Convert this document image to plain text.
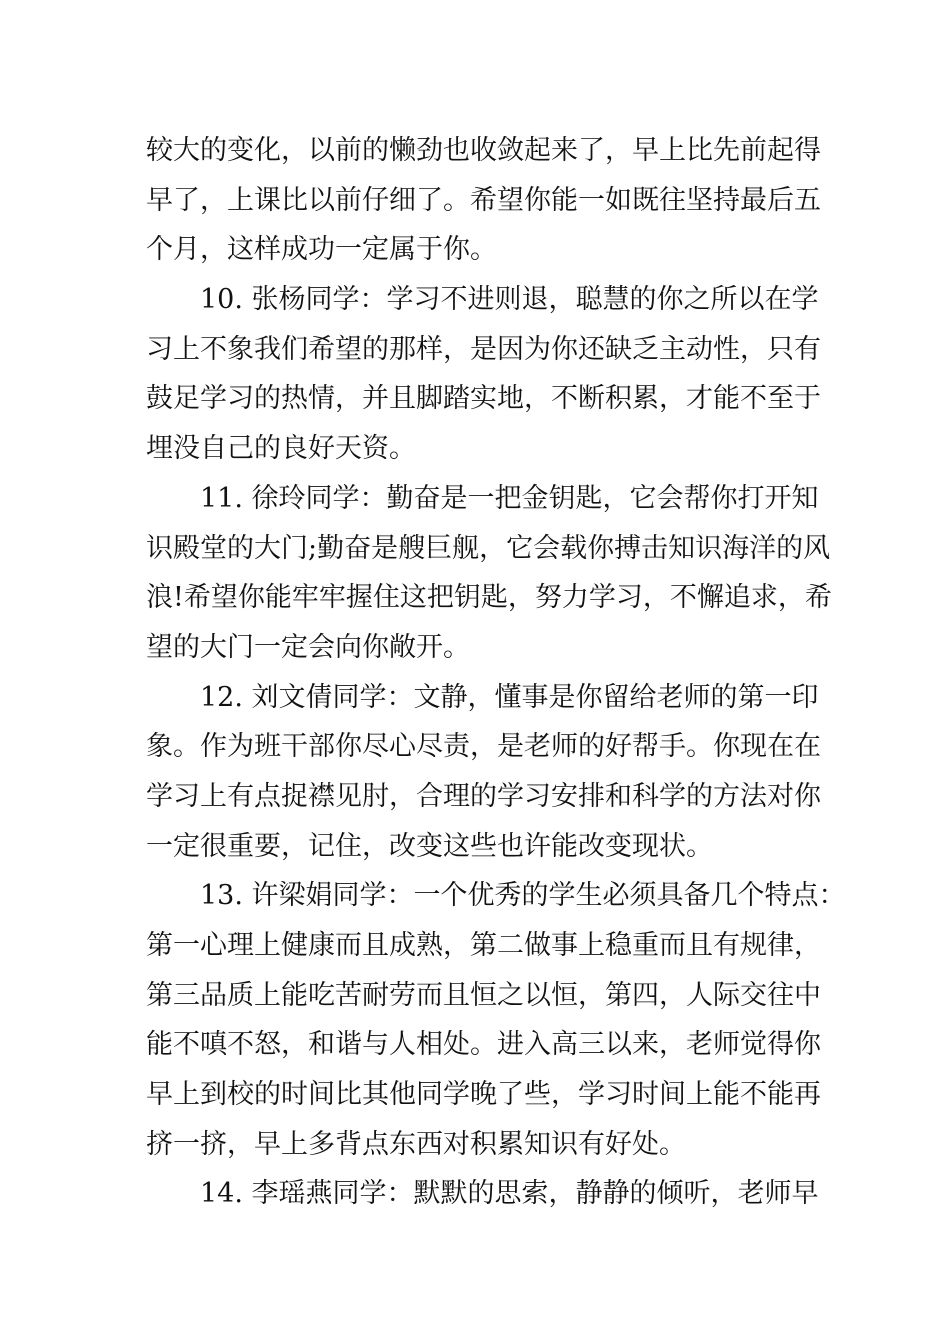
较大的变化，以前的懒劲也收敛起来了，早上比先前起得
早了，上课比以前仔细了。希望你能一如既往坚持最后五
个月，这样成功一定属于你。
10. 张杨同学：学习不进则退，聪慧的你之所以在学
习上不象我们希望的那样，是因为你还缺乏主动性，只有
鼓足学习的热情，并且脚踏实地，不断积累，才能不至于
埋没自己的良好天资。
11. 徐玲同学：勤奋是一把金钥匙，它会帮你打开知
识殿堂的大门;勤奋是艘巨舰，它会载你搏击知识海洋的风
浪!希望你能牢牢握住这把钥匙，努力学习，不懈追求，希
望的大门一定会向你敞开。
12. 刘文倩同学：文静，懂事是你留给老师的第一印
象。作为班干部你尽心尽责，是老师的好帮手。你现在在
学习上有点捉襟见肘，合理的学习安排和科学的方法对你
一定很重要，记住，改变这些也许能改变现状。
13. 许梁娟同学：一个优秀的学生必须具备几个特点：
第一心理上健康而且成熟，第二做事上稳重而且有规律，
第三品质上能吃苦耐劳而且恒之以恒，第四，人际交往中
能不嗔不怒，和谐与人相处。进入高三以来，老师觉得你
早上到校的时间比其他同学晚了些，学习时间上能不能再
挤一挤，早上多背点东西对积累知识有好处。
14. 李瑶燕同学：默默的思索，静静的倾听，老师早
